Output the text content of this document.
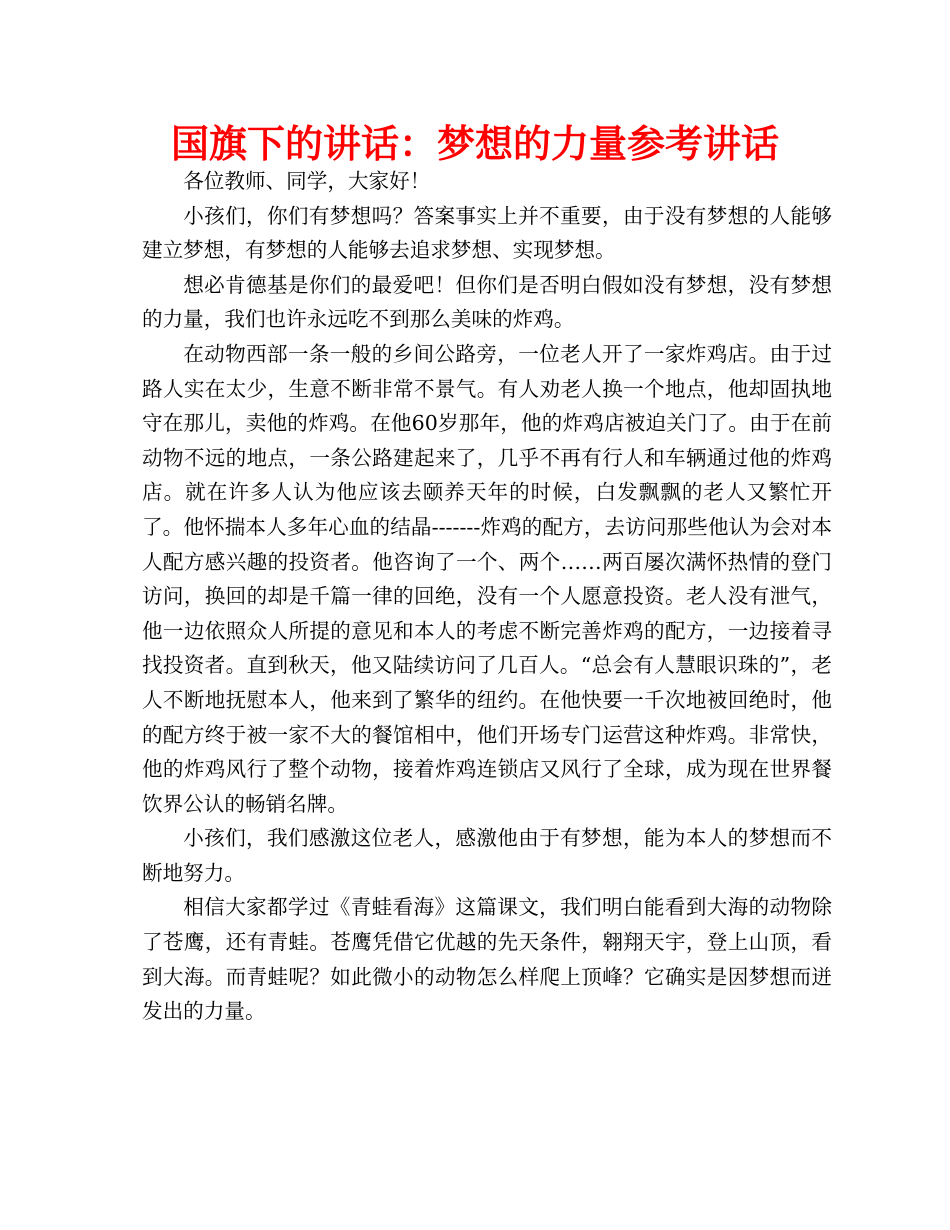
国旗下的讲话：梦想的力量参考讲话

各位教师、同学，大家好！

小孩们，你们有梦想吗？答案事实上并不重要，由于没有梦想的人能够建立梦想，有梦想的人能够去追求梦想、实现梦想。

想必肯德基是你们的最爱吧！但你们是否明白假如没有梦想，没有梦想的力量，我们也许永远吃不到那么美味的炸鸡。

在动物西部一条一般的乡间公路旁，一位老人开了一家炸鸡店。由于过路人实在太少，生意不断非常不景气。有人劝老人换一个地点，他却固执地守在那儿，卖他的炸鸡。在他60岁那年，他的炸鸡店被迫关门了。由于在前动物不远的地点，一条公路建起来了，几乎不再有行人和车辆通过他的炸鸡店。就在许多人认为他应该去颐养天年的时候，白发飘飘的老人又繁忙开了。他怀揣本人多年心血的结晶-------炸鸡的配方，去访问那些他认为会对本人配方感兴趣的投资者。他咨询了一个、两个……两百屡次满怀热情的登门访问，换回的却是千篇一律的回绝，没有一个人愿意投资。老人没有泄气，他一边依照众人所提的意见和本人的考虑不断完善炸鸡的配方，一边接着寻找投资者。直到秋天，他又陆续访问了几百人。“总会有人慧眼识珠的”，老人不断地抚慰本人，他来到了繁华的纽约。在他快要一千次地被回绝时，他的配方终于被一家不大的餐馆相中，他们开场专门运营这种炸鸡。非常快，他的炸鸡风行了整个动物，接着炸鸡连锁店又风行了全球，成为现在世界餐饮界公认的畅销名牌。

小孩们，我们感激这位老人，感激他由于有梦想，能为本人的梦想而不断地努力。

相信大家都学过《青蛙看海》这篇课文，我们明白能看到大海的动物除了苍鹰，还有青蛙。苍鹰凭借它优越的先天条件，翱翔天宇，登上山顶，看到大海。而青蛙呢？如此微小的动物怎么样爬上顶峰？它确实是因梦想而迸发出的力量。
